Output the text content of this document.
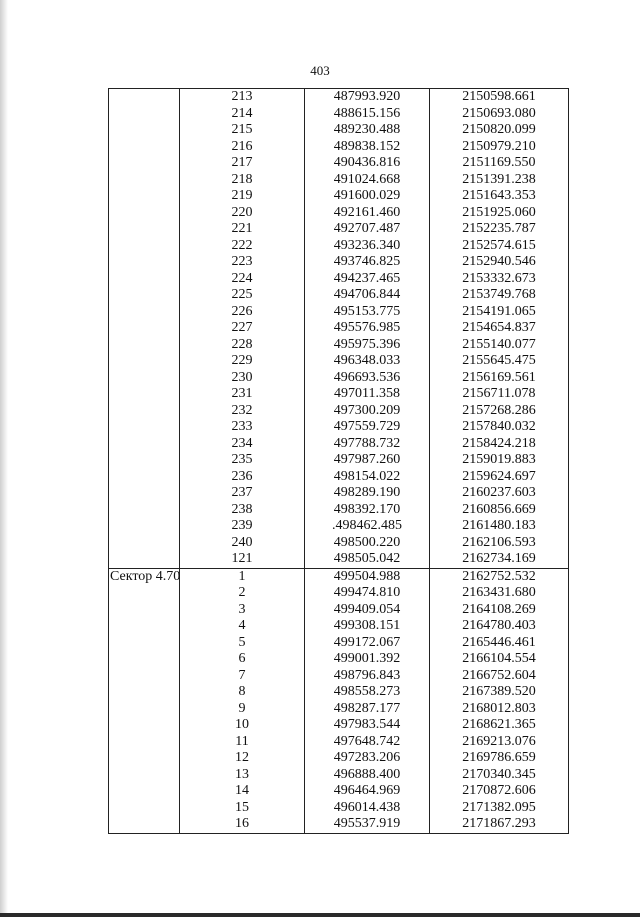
403
	213	487993.920	2150598.661
	214	488615.156	2150693.080
	215	489230.488	2150820.099
	216	489838.152	2150979.210
	217	490436.816	2151169.550
	218	491024.668	2151391.238
	219	491600.029	2151643.353
	220	492161.460	2151925.060
	221	492707.487	2152235.787
	222	493236.340	2152574.615
	223	493746.825	2152940.546
	224	494237.465	2153332.673
	225	494706.844	2153749.768
	226	495153.775	2154191.065
	227	495576.985	2154654.837
	228	495975.396	2155140.077
	229	496348.033	2155645.475
	230	496693.536	2156169.561
	231	497011.358	2156711.078
	232	497300.209	2157268.286
	233	497559.729	2157840.032
	234	497788.732	2158424.218
	235	497987.260	2159019.883
	236	498154.022	2159624.697
	237	498289.190	2160237.603
	238	498392.170	2160856.669
	239	.498462.485	2161480.183
	240	498500.220	2162106.593
	121	498505.042	2162734.169
Сектор 4.70	1	499504.988	2162752.532
	2	499474.810	2163431.680
	3	499409.054	2164108.269
	4	499308.151	2164780.403
	5	499172.067	2165446.461
	6	499001.392	2166104.554
	7	498796.843	2166752.604
	8	498558.273	2167389.520
	9	498287.177	2168012.803
	10	497983.544	2168621.365
	11	497648.742	2169213.076
	12	497283.206	2169786.659
	13	496888.400	2170340.345
	14	496464.969	2170872.606
	15	496014.438	2171382.095
	16	495537.919	2171867.293
